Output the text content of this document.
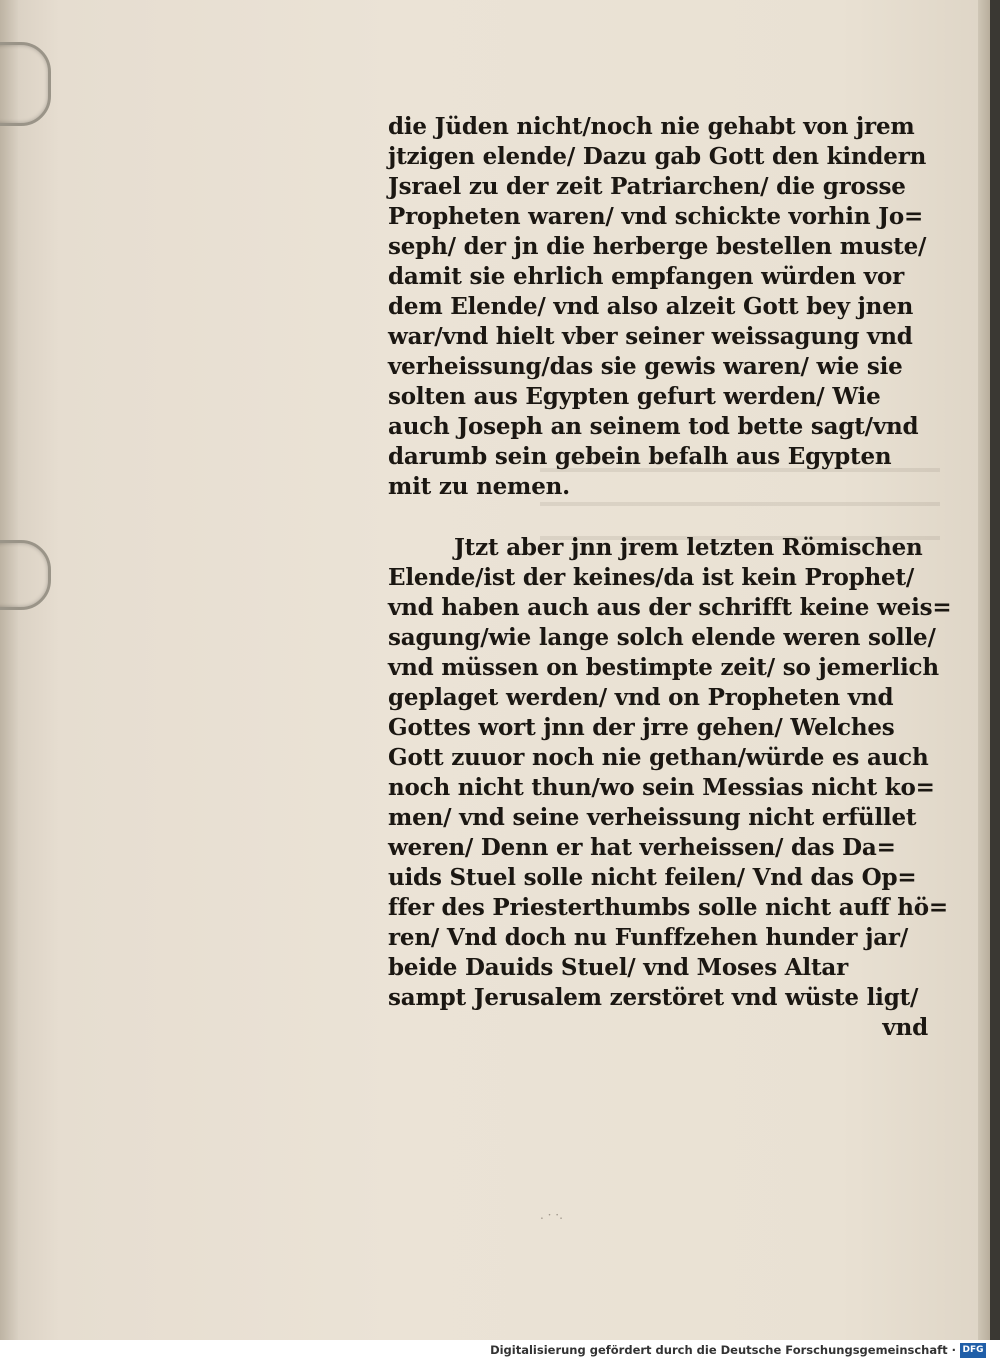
die Jüden nicht/noch nie gehabt von jrem
jtzigen elende/ Dazu gab Gott den kindern
Jsrael zu der zeit Patriarchen/ die grosse
Propheten waren/ vnd schickte vorhin Jo=
seph/ der jn die herberge bestellen muste/
damit sie ehrlich empfangen würden vor
dem Elende/ vnd also alzeit Gott bey jnen
war/vnd hielt vber seiner weissagung vnd
verheissung/das sie gewis waren/ wie sie
solten aus Egypten gefurt werden/ Wie
auch Joseph an seinem tod bette sagt/vnd
darumb sein gebein befalh aus Egypten
mit zu nemen.
Jtzt aber jnn jrem letzten Römischen
Elende/ist der keines/da ist kein Prophet/
vnd haben auch aus der schrifft keine weis=
sagung/wie lange solch elende weren solle/
vnd müssen on bestimpte zeit/ so jemerlich
geplaget werden/ vnd on Propheten vnd
Gottes wort jnn der jrre gehen/ Welches
Gott zuuor noch nie gethan/würde es auch
noch nicht thun/wo sein Messias nicht ko=
men/ vnd seine verheissung nicht erfüllet
weren/ Denn er hat verheissen/ das Da=
uids Stuel solle nicht feilen/ Vnd das Op=
ffer des Priesterthumbs solle nicht auff hö=
ren/ Vnd doch nu Funffzehen hunder jar/
beide Dauids Stuel/ vnd Moses Altar
sampt Jerusalem zerstöret vnd wüste ligt/
vnd
. · ·.
Digitalisierung gefördert durch die Deutsche Forschungsgemeinschaft · DFG
